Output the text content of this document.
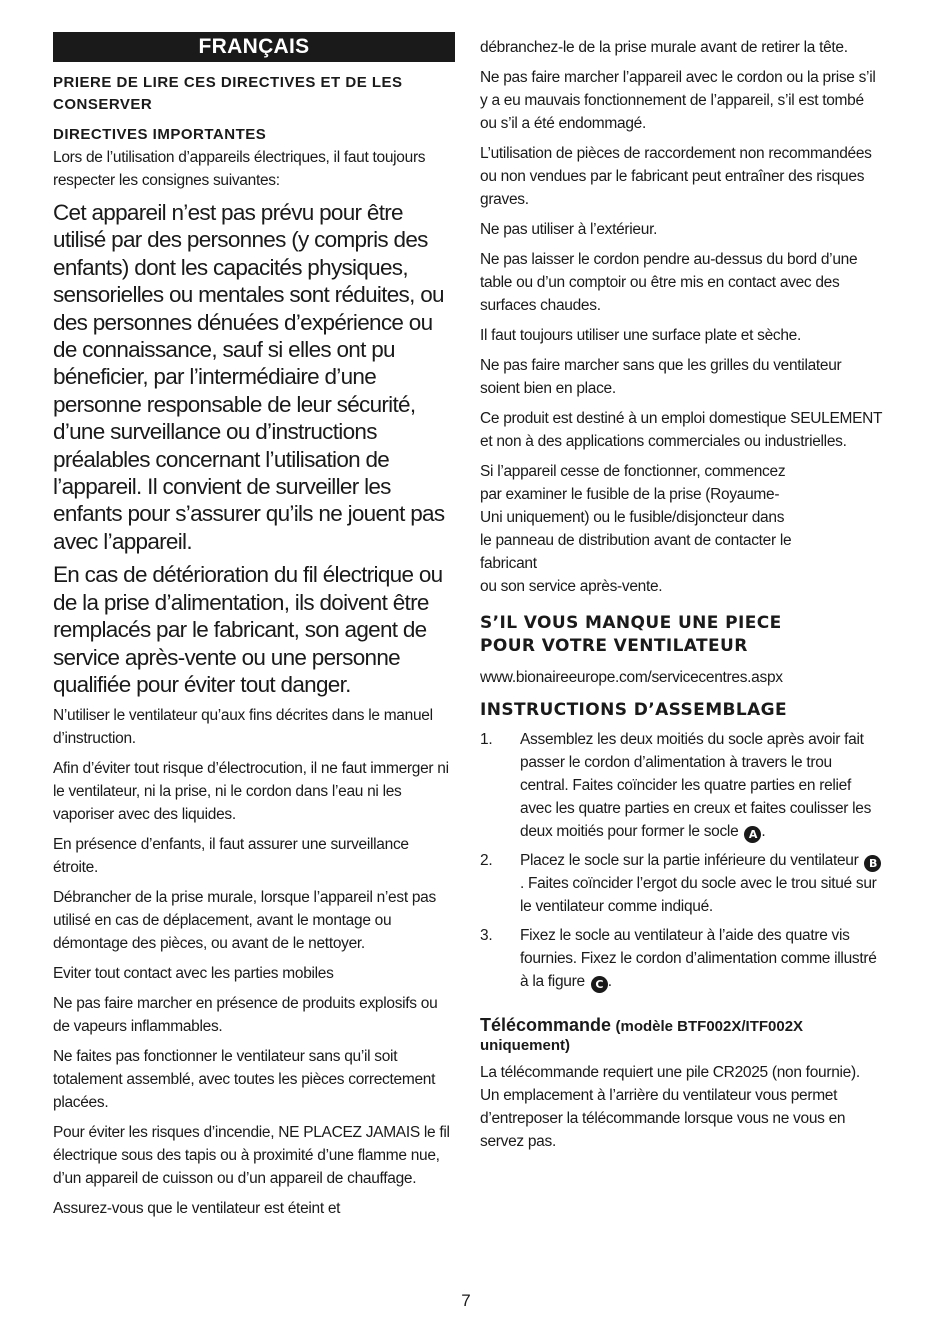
FRANÇAIS

PRIERE DE LIRE CES DIRECTIVES ET DE LES CONSERVER

DIRECTIVES IMPORTANTES

Lors de l’utilisation d’appareils électriques, il faut toujours respecter les consignes suivantes:

Cet appareil n’est pas prévu pour être utilisé par des personnes (y compris des enfants) dont les capacités physiques, sensorielles ou mentales sont réduites, ou des personnes dénuées d’expérience ou de connaissance, sauf si elles ont pu béneficier, par l’intermédiaire d’une personne responsable de leur sécurité, d’une surveillance ou d’instructions préalables concernant l’utilisation de l’appareil. Il convient de surveiller les enfants pour s’assurer qu’ils ne jouent pas avec l’appareil.

En cas de détérioration du fil électrique ou de la prise d’alimentation, ils doivent être remplacés par le fabricant, son agent de service après-vente ou une personne qualifiée pour éviter tout danger.

N’utiliser le ventilateur qu’aux fins décrites dans le manuel d’instruction.

Afin d’éviter tout risque d’électrocution, il ne faut immerger ni le ventilateur, ni la prise, ni le cordon dans l’eau ni les vaporiser avec des liquides.

En présence d’enfants, il faut assurer une surveillance étroite.

Débrancher de la prise murale, lorsque l’appareil n’est pas utilisé en cas de déplacement, avant le montage ou démontage des pièces, ou avant de le nettoyer.

Eviter tout contact avec les parties mobiles

Ne pas faire marcher en présence de produits explosifs ou de vapeurs inflammables.

Ne faites pas fonctionner le ventilateur sans qu’il soit totalement assemblé, avec toutes les pièces correctement placées.

Pour éviter les risques d’incendie, NE PLACEZ JAMAIS le fil électrique sous des tapis ou à proximité d’une flamme nue, d’un appareil de cuisson ou d’un appareil de chauffage.

Assurez-vous que le ventilateur est éteint et

débranchez-le de la prise murale avant de retirer la tête.

Ne pas faire marcher l’appareil avec le cordon ou la prise s’il y a eu mauvais fonctionnement de l’appareil, s’il est tombé ou s’il a été endommagé.

L’utilisation de pièces de raccordement non recommandées ou non vendues par le fabricant peut entraîner des risques graves.

Ne pas utiliser à l’extérieur.

Ne pas laisser le cordon pendre au-dessus du bord d’une table ou d’un comptoir ou être mis en contact avec des surfaces chaudes.

Il faut toujours utiliser une surface plate et sèche.

Ne pas faire marcher sans que les grilles du ventilateur soient bien en place.

Ce produit est destiné à un emploi domestique SEULEMENT et non à des applications commerciales ou industrielles.

Si l’appareil cesse de fonctionner, commencez
par examiner le fusible de la prise (Royaume-
Uni uniquement) ou le fusible/disjoncteur dans
le panneau de distribution avant de contacter le
fabricant
ou son service après-vente.
S’IL VOUS MANQUE UNE PIECE
POUR VOTRE VENTILATEUR

www.bionaireeurope.com/servicecentres.aspx

INSTRUCTIONS D’ASSEMBLAGE
1. Assemblez les deux moitiés du socle après avoir fait passer le cordon d’alimentation à travers le trou central. Faites coïncider les quatre parties en relief avec les quatre parties en creux et faites coulisser les deux moitiés pour former le socle A .
2. Placez le socle sur la partie inférieure du ventilateur B. Faites coïncider l’ergot du socle avec le trou situé sur le ventilateur comme indiqué.
3. Fixez le socle au ventilateur à l’aide des quatre vis fournies. Fixez le cordon d’alimentation comme illustré à la figure C .
Télécommande (modèle BTF002X/ITF002X uniquement)

La télécommande requiert une pile CR2025 (non fournie). Un emplacement à l’arrière du ventilateur vous permet d’entreposer la télécommande lorsque vous ne vous en servez pas.

7
